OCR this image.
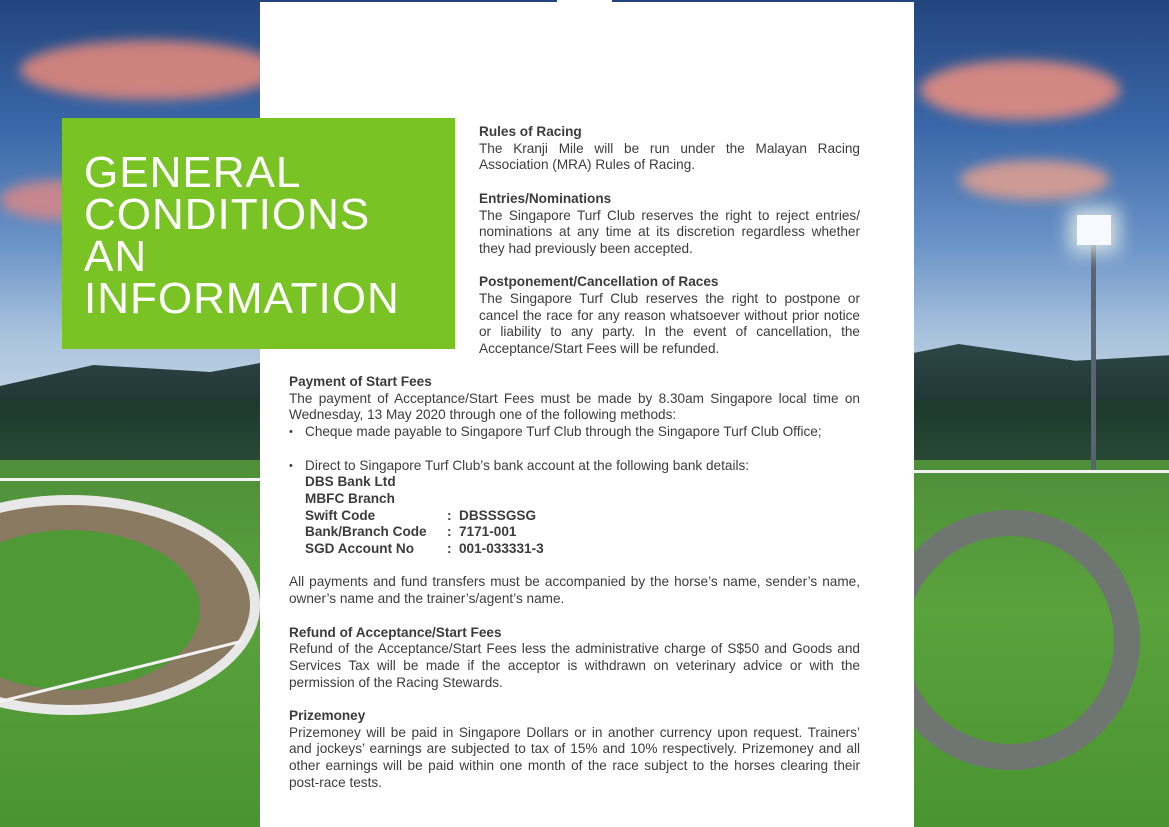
GENERAL
CONDITIONS
AN
INFORMATION
Rules of Racing
The Kranji Mile will be run under the Malayan Racing Association (MRA) Rules of Racing.
Entries/Nominations
The Singapore Turf Club reserves the right to reject entries/ nominations at any time at its discretion regardless whether they had previously been accepted.
Postponement/Cancellation of Races
The Singapore Turf Club reserves the right to postpone or cancel the race for any reason whatsoever without prior notice or liability to any party. In the event of cancellation, the Acceptance/Start Fees will be refunded.
Payment of Start Fees
The payment of Acceptance/Start Fees must be made by 8.30am Singapore local time on Wednesday, 13 May 2020 through one of the following methods:
• Cheque made payable to Singapore Turf Club through the Singapore Turf Club Office;
• Direct to Singapore Turf Club’s bank account at the following bank details:
DBS Bank Ltd
MBFC Branch
Swift Code	: DBSSSGSG
Bank/Branch Code	: 7171-001
SGD Account No	: 001-033331-3
All payments and fund transfers must be accompanied by the horse’s name, sender’s name, owner’s name and the trainer’s/agent’s name.
Refund of Acceptance/Start Fees
Refund of the Acceptance/Start Fees less the administrative charge of S$50 and Goods and Services Tax will be made if the acceptor is withdrawn on veterinary advice or with the permission of the Racing Stewards.
Prizemoney
Prizemoney will be paid in Singapore Dollars or in another currency upon request. Trainers’ and jockeys’ earnings are subjected to tax of 15% and 10% respectively. Prizemoney and all other earnings will be paid within one month of the race subject to the horses clearing their post-race tests.
